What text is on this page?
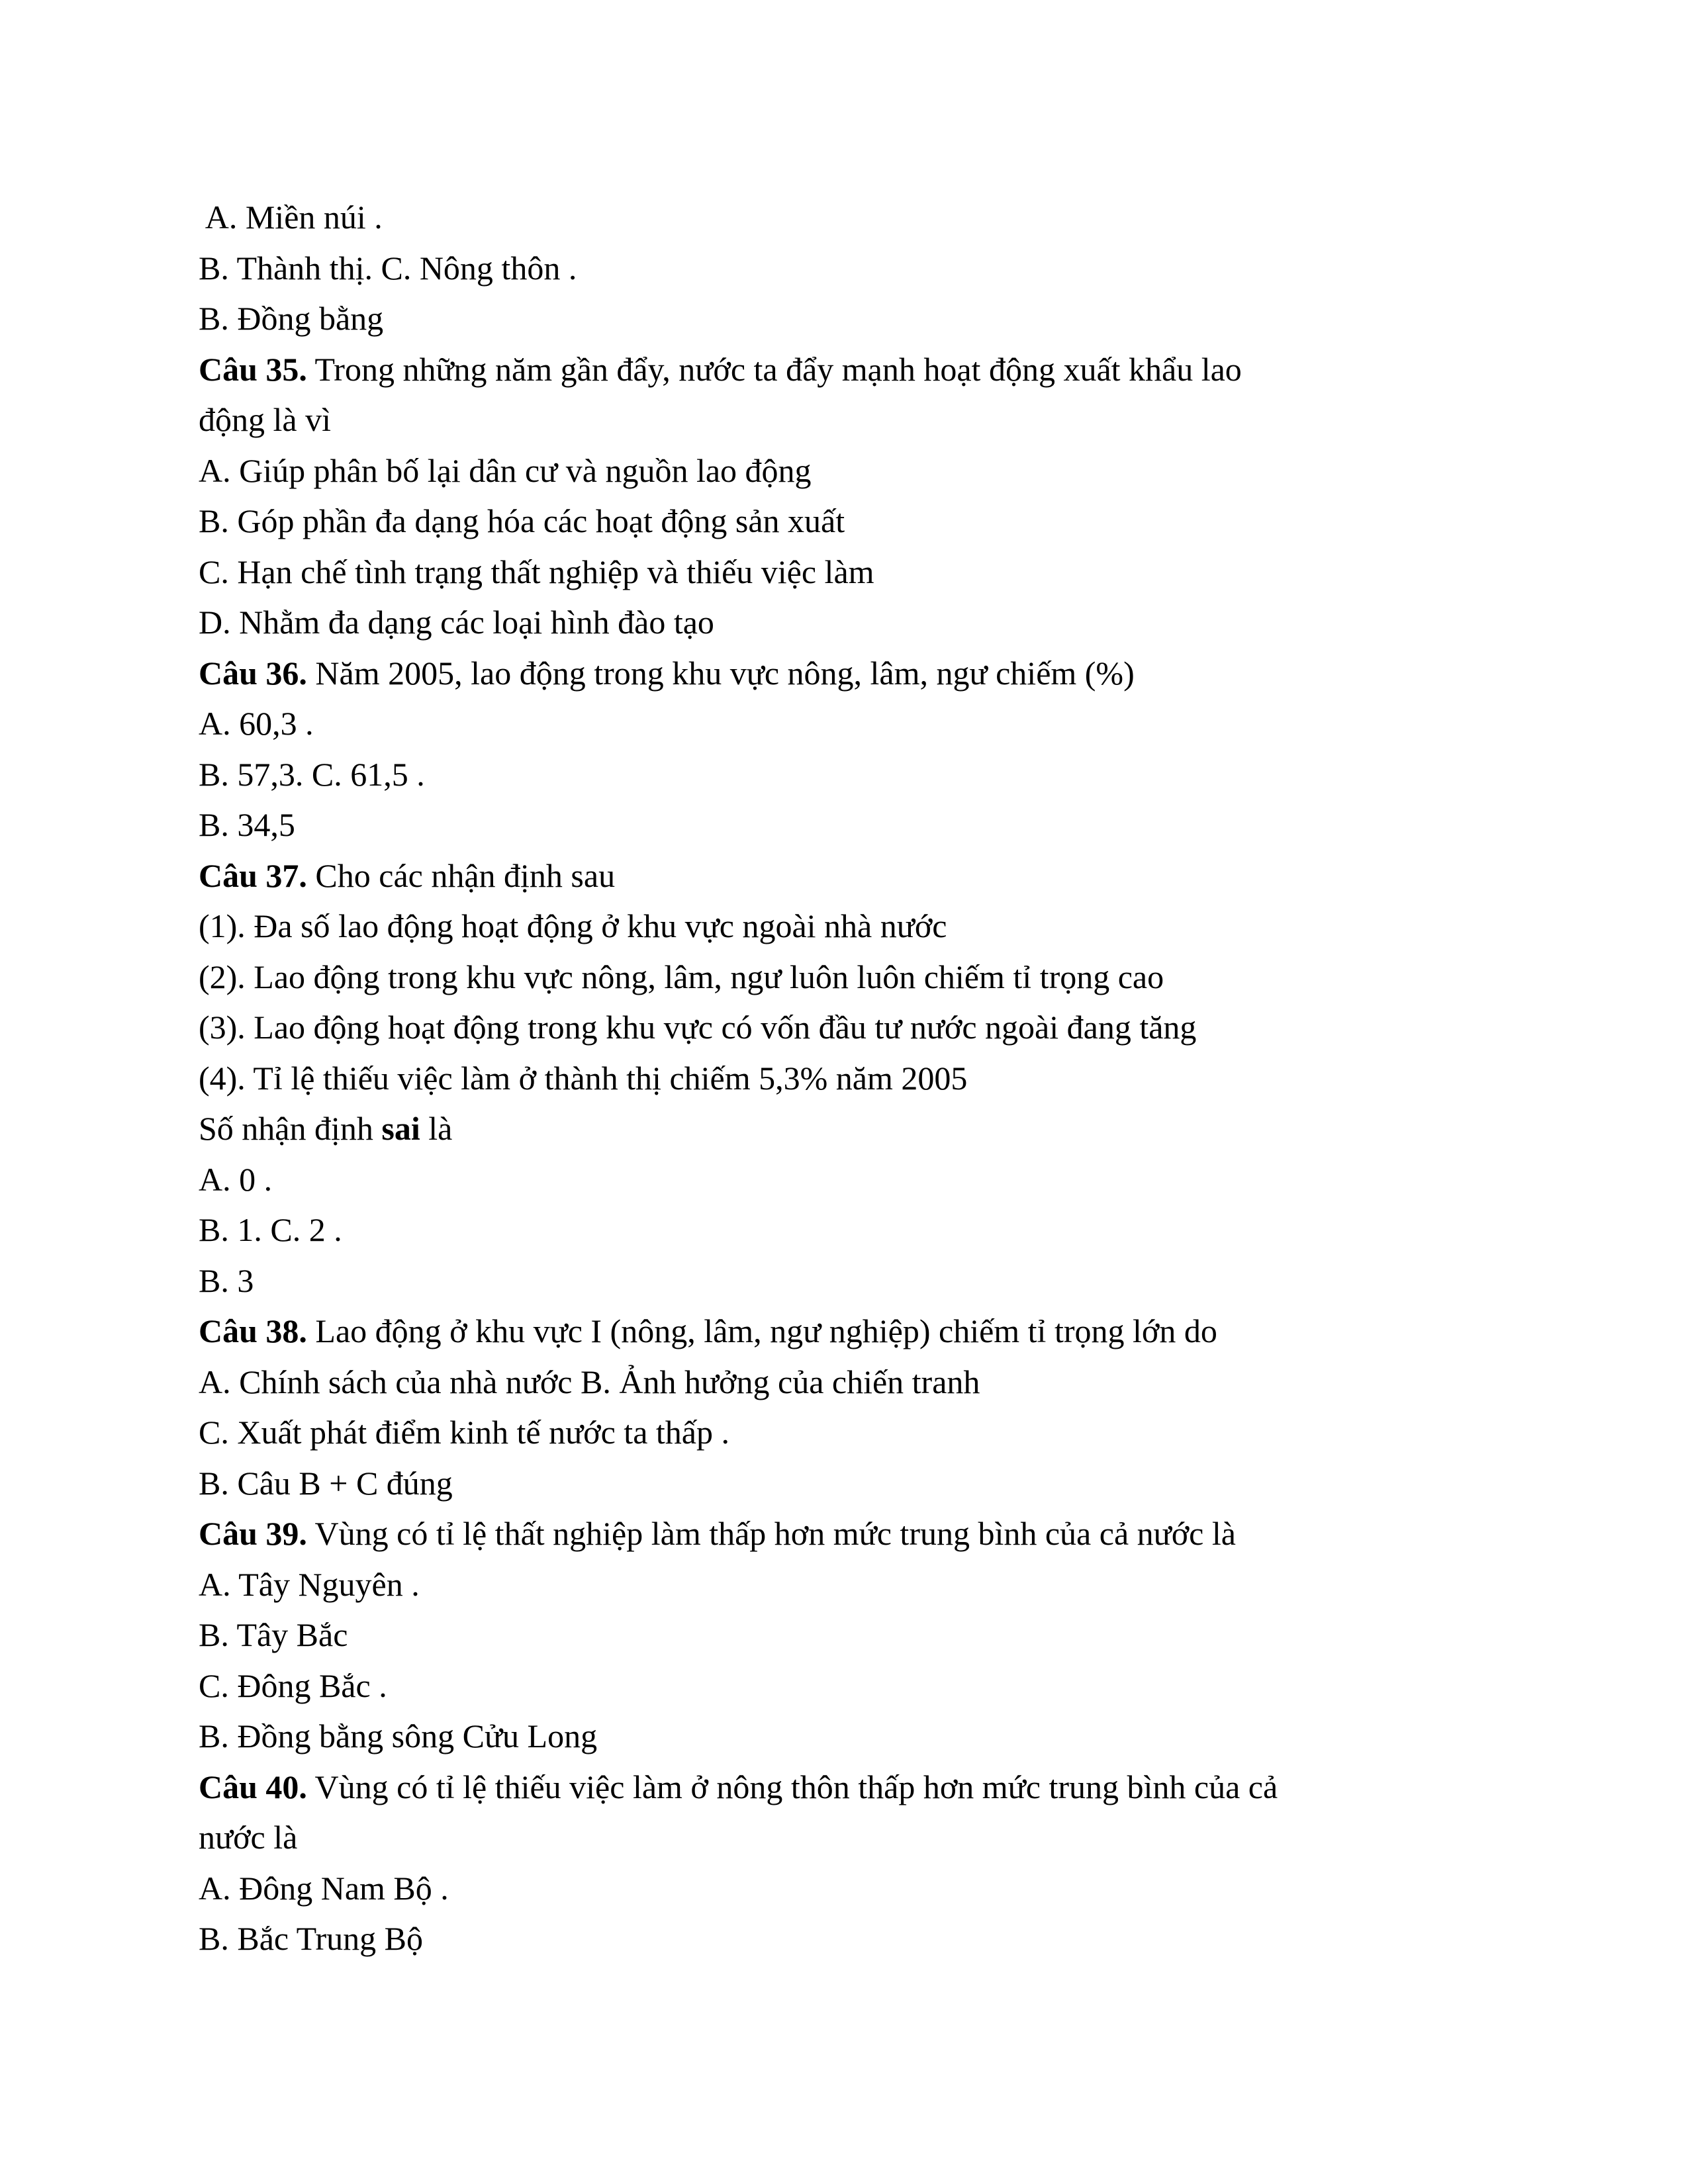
A. Miền núi .
B. Thành thị. C. Nông thôn .
B. Đồng bằng
Câu 35. Trong những năm gần đẩy, nước ta đẩy mạnh hoạt động xuất khẩu lao
động là vì
A. Giúp phân bố lại dân cư và nguồn lao động
B. Góp phần đa dạng hóa các hoạt động sản xuất
C. Hạn chế tình trạng thất nghiệp và thiếu việc làm
D. Nhằm đa dạng các loại hình đào tạo
Câu 36. Năm 2005, lao động trong khu vực nông, lâm, ngư chiếm (%)
A. 60,3 .
B. 57,3. C. 61,5 .
B. 34,5
Câu 37. Cho các nhận định sau
(1). Đa số lao động hoạt động ở khu vực ngoài nhà nước
(2). Lao động trong khu vực nông, lâm, ngư luôn luôn chiếm tỉ trọng cao
(3). Lao động hoạt động trong khu vực có vốn đầu tư nước ngoài đang tăng
(4). Tỉ lệ thiếu việc làm ở thành thị chiếm 5,3% năm 2005
Số nhận định sai là
A. 0 .
B. 1. C. 2 .
B. 3
Câu 38. Lao động ở khu vực I (nông, lâm, ngư nghiệp) chiếm tỉ trọng lớn do
A. Chính sách của nhà nước B. Ảnh hưởng của chiến tranh
C. Xuất phát điểm kinh tế nước ta thấp .
B. Câu B + C đúng
Câu 39. Vùng có tỉ lệ thất nghiệp làm thấp hơn mức trung bình của cả nước là
A. Tây Nguyên .
B. Tây Bắc
C. Đông Bắc .
B. Đồng bằng sông Cửu Long
Câu 40. Vùng có tỉ lệ thiếu việc làm ở nông thôn thấp hơn mức trung bình của cả
nước là
A. Đông Nam Bộ .
B. Bắc Trung Bộ
